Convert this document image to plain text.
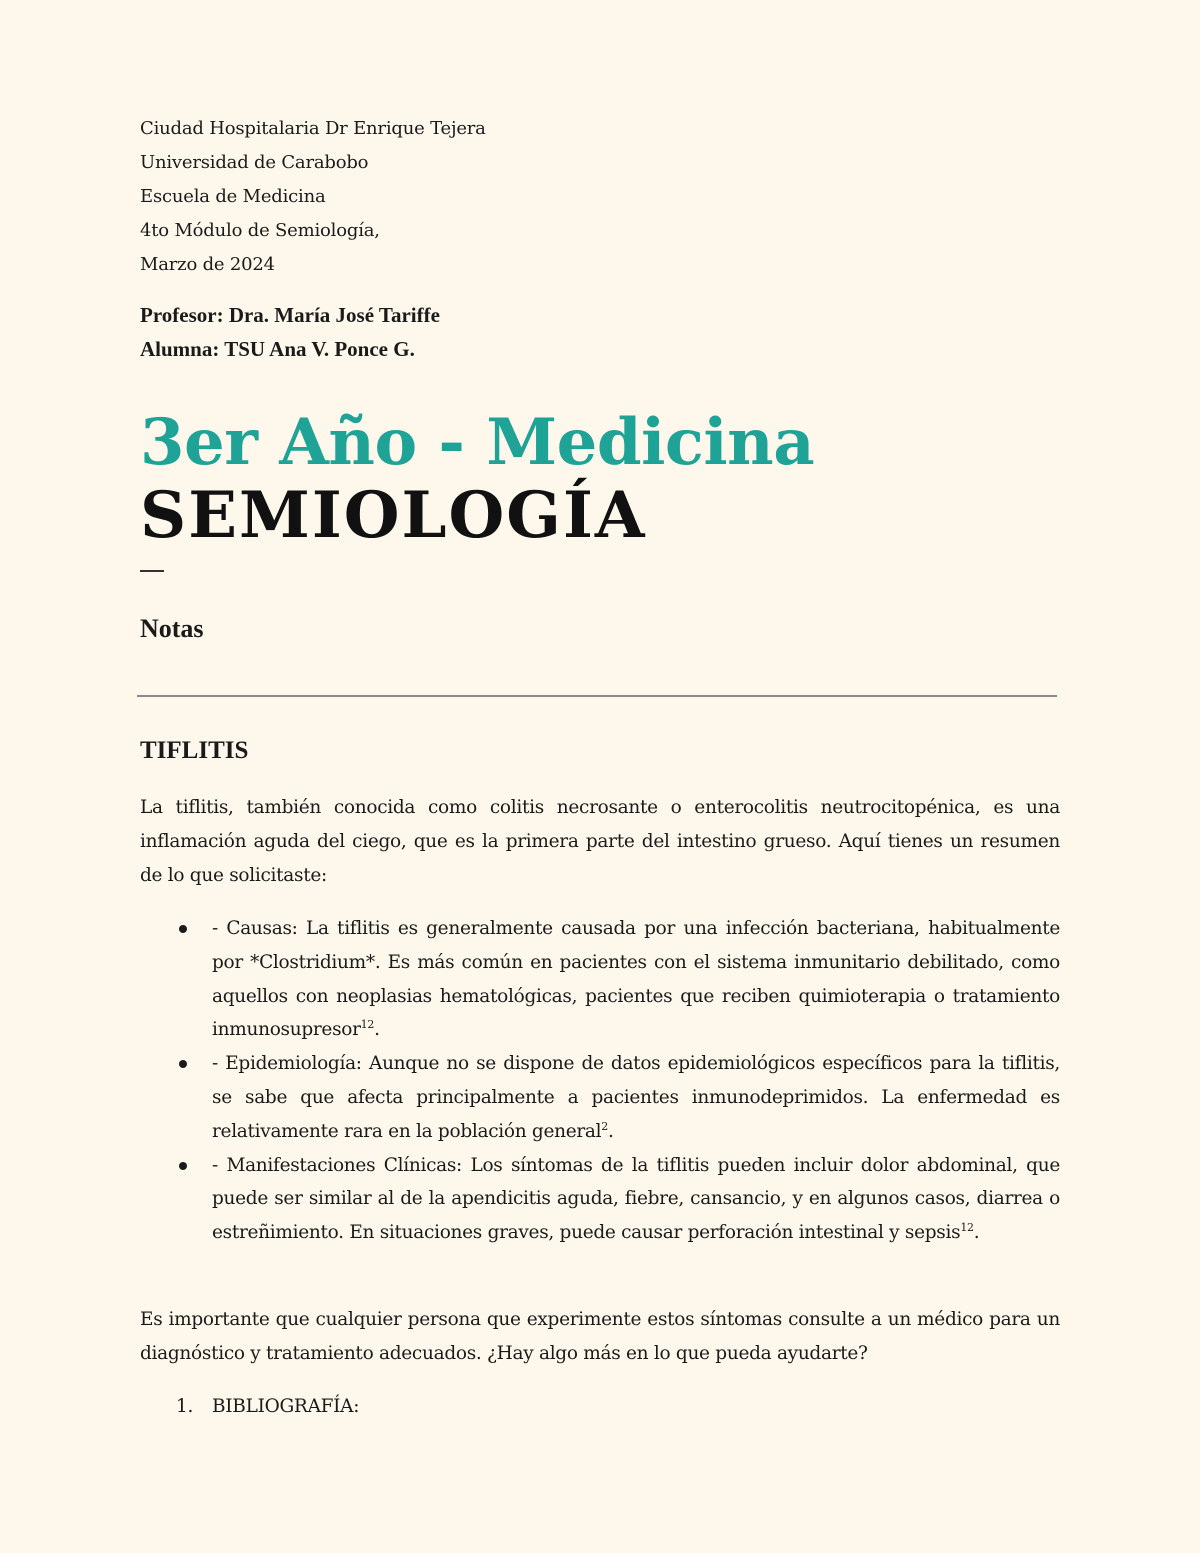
Ciudad Hospitalaria Dr Enrique Tejera
Universidad de Carabobo
Escuela de Medicina
4to Módulo de Semiología,
Marzo de 2024
Profesor: Dra. María José Tariffe
Alumna: TSU Ana V. Ponce G.
3er Año - Medicina
SEMIOLOGÍA
Notas
TIFLITIS
La tiflitis, también conocida como colitis necrosante o enterocolitis neutrocitopénica, es una inflamación aguda del ciego, que es la primera parte del intestino grueso. Aquí tienes un resumen de lo que solicitaste:
- Causas: La tiflitis es generalmente causada por una infección bacteriana, habitualmente por *Clostridium*. Es más común en pacientes con el sistema inmunitario debilitado, como aquellos con neoplasias hematológicas, pacientes que reciben quimioterapia o tratamiento inmunosupresor$^{12}$.
- Epidemiología: Aunque no se dispone de datos epidemiológicos específicos para la tiflitis, se sabe que afecta principalmente a pacientes inmunodeprimidos. La enfermedad es relativamente rara en la población general$^2$.
- Manifestaciones Clínicas: Los síntomas de la tiflitis pueden incluir dolor abdominal, que puede ser similar al de la apendicitis aguda, fiebre, cansancio, y en algunos casos, diarrea o estreñimiento. En situaciones graves, puede causar perforación intestinal y sepsis$^{12}$.
Es importante que cualquier persona que experimente estos síntomas consulte a un médico para un diagnóstico y tratamiento adecuados. ¿Hay algo más en lo que pueda ayudarte?
1. BIBLIOGRAFÍA:
